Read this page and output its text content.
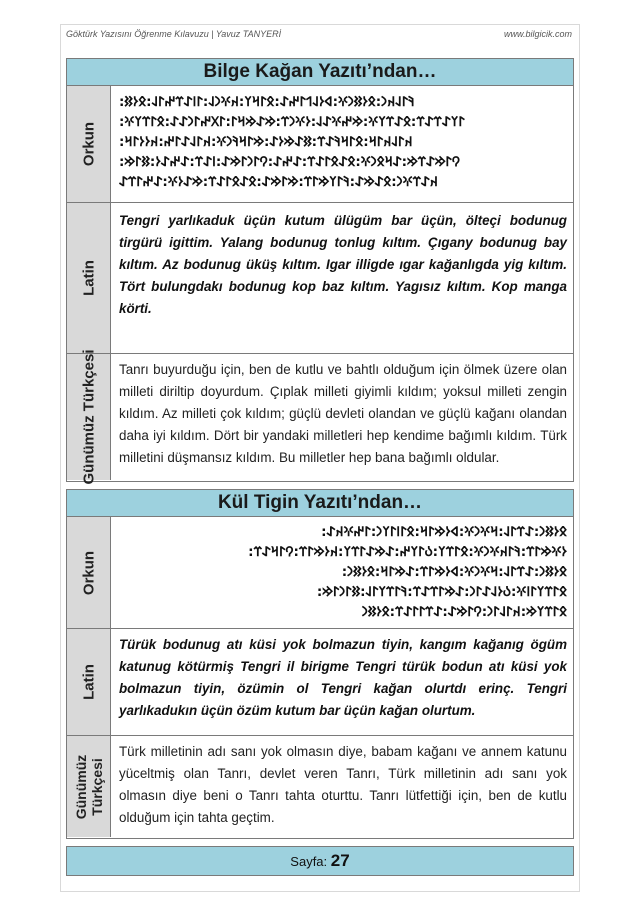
Göktürk Yazısını Öğrenme Kılavuzu | Yavuz TANYERİ	www.bilgicik.com
Bilge Kağan Yazıtı’ndan…
Orkun
:𐰚𐰃𐰞𐰴𐰣:𐰋𐰆𐰑𐰣𐰍:𐰶𐰆𐰞𐰯𐰃𐰤𐰀:𐰋𐰃𐰺𐰠:𐰴𐰍𐰣𐰞:𐰃𐰾𐰀𐰼𐰤𐰃𐰞:𐰋𐰆𐰑
:𐰃𐰠𐰀𐰼𐰀𐰼:𐰋𐰀𐰼𐰠𐰍:𐰢𐰤𐰍𐰀𐰞:𐰆𐰍𐰣𐰼:𐰢𐰀𐰢𐰺𐰃:𐰃𐰓𐰤𐰃𐰣𐰀𐰀:𐰋𐰃𐰼𐰠𐰍
:𐰴𐰃𐰞𐰴𐰃𐰺:𐰋𐰃𐰺𐰚𐰀𐰼:𐰑𐰀𐰢𐰆𐰀:𐰢𐰃𐰺𐰚𐰣𐰍:𐰴𐰃𐰞𐰀𐰃𐰤:𐰴𐰆𐰆𐰃𐰺
:𐰘𐰃𐰢𐰀𐰼𐰢:𐰀𐰺𐰋𐰣𐰍:𐰋𐰀𐰋𐰃𐰀𐰼:𐰀𐰤𐰀:𐰘𐰃𐰣𐰃𐰢𐰀:𐰾𐰀𐰼:𐰀𐰤𐰀𐰆:𐰑𐰃𐰢
𐰴𐰀𐰼𐰍𐰣:𐰋𐰀𐰢𐰀:𐰚𐰃𐰠𐰢𐰃𐰼:𐰢𐰃𐰢𐰀:𐰋𐰀𐰋𐰃𐰀𐰼:𐰢𐰀𐰆𐰍:𐰀𐰤𐰃𐰼𐰀
Latin
Tengri yarlıkaduk üçün kutum ülügüm bar üçün, ölteçi bodunug tirgürü igittim. Yalang bodunug tonlug kıltım. Çıgany bodunug bay kıltım. Az bodunug üküş kıltım. Igar illigde ıgar kağanlıgda yig kıltım. Tört bulungdakı bodunug kop baz kıltım. Yagısız kıltım. Kop manga körti.
Günümüz Türkçesi Tanrı buyurduğu için, ben de kutlu ve bahtlı olduğum için ölmek üzere olan milleti diriltip doyurdum. Çıplak milleti giyimli kıldım; yoksul milleti zengin kıldım. Az milleti çok kıldım; güçlü devleti olandan ve güçlü kağanı olandan daha iyi kıldım. Dört bir yandaki milletleri hep kendime bağımlı kıldım. Türk milletini düşmansız kıldım. Bu milletler hep bana bağımlı oldular.
Kül Tigin Yazıtı’ndan…
Orkun
:𐰋𐰆𐰑𐰣:𐰀𐰼𐰃𐰞:𐰺𐰍𐰣𐰍:𐰶𐰆𐰢𐰃𐰺:𐰋𐰃𐰾𐰃𐰠𐰣:𐰃𐰤𐰍𐰴𐰀
:𐰆𐰍𐰢𐰃𐰼:𐰚𐰃𐰴𐰍𐰣𐰍:𐰋𐰃𐰼𐰠:𐰉𐰃𐰠𐰤:𐰀𐰢𐰀𐰃𐰼𐰠:𐰴𐰆𐰢𐰃𐰼:𐰘𐰃𐰺𐰀𐰼
:𐰋𐰆𐰑𐰣:𐰀𐰼𐰃𐰞:𐰺𐰍𐰣𐰍:𐰶𐰆𐰢𐰃𐰼:𐰀𐰢𐰃𐰺:𐰋𐰆𐰑𐰣
:𐰋𐰃𐰼𐰠𐰃𐰾𐰍:𐰉𐰆𐰞𐰀𐰃𐰣:𐰀𐰢𐰃𐰼𐰀𐰼:𐰚𐰃𐰼𐰠𐰃𐰞:𐰑𐰃𐰣𐰃𐰢
𐰋𐰃𐰼𐰠𐰢:𐰴𐰃𐰞𐰃𐰣:𐰘𐰃𐰢𐰀:𐰀𐰼𐰃𐰃𐰀𐰼:𐰋𐰆𐰑𐰣
Latin
Türük bodunug atı küsi yok bolmazun tiyin, kangım kağanıg ögüm katunug kötürmiş Tengri il birigme Tengri türük bodun atı küsi yok bolmazun tiyin, özümin ol Tengri kağan olurtdı erinç. Tengri yarlıkadukın üçün özüm kutum bar üçün kağan olurtum.
Günümüz
Türkçesi
Türk milletinin adı sanı yok olmasın diye, babam kağanı ve annem katunu yüceltmiş olan Tanrı, devlet veren Tanrı, Türk milletinin adı sanı yok olmasın diye beni o Tanrı tahta oturttu. Tanrı lütfettiği için, ben de kutlu olduğum için tahta geçtim.
Sayfa: 27
